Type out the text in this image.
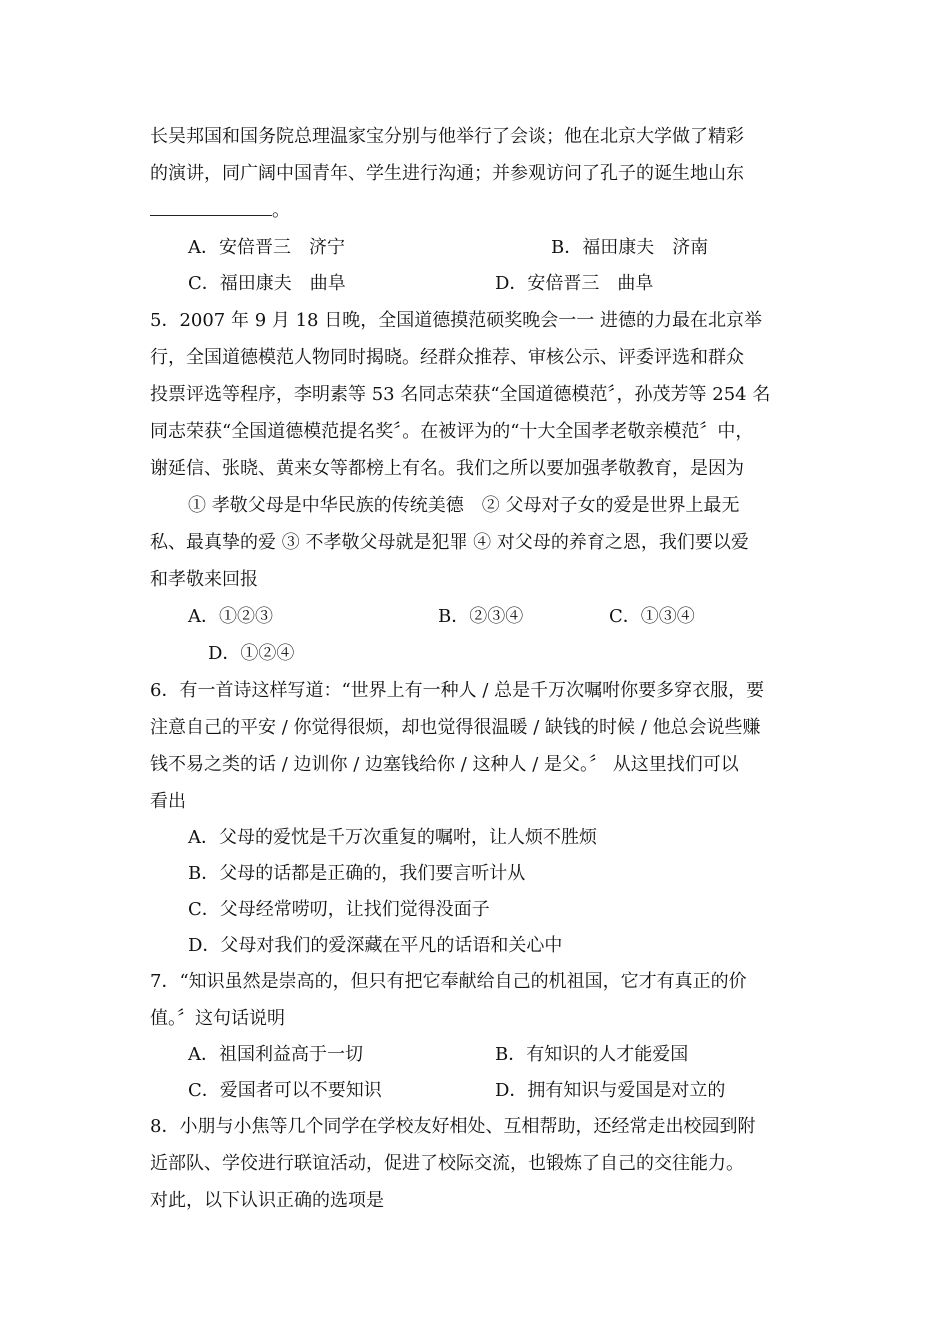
长吴邦国和国务院总理温家宝分别与他举行了会谈；他在北京大学做了精彩
的演讲，同广阔中国青年、学生进行沟通；并参观访问了孔子的诞生地山东
。
A．安倍晋三　济宁	B．福田康夫　济南
C．福田康夫　曲阜	D．安倍晋三　曲阜
5．2007 年 9 月 18 日晚，全国道德摸范硕奖晚会一一 进德的力最在北京举
行，全国道德模范人物同时揭晓。经群众推荐、审核公示、评委评选和群众
投票评选等程序，李明素等 53 名同志荣获“全国道德模范〞，孙茂芳等 254 名
同志荣获“全国道德模范提名奖〞。在被评为的“十大全国孝老敬亲模范〞中，
谢延信、张晓、黄来女等都榜上有名。我们之所以要加强孝敬教育，是因为
① 孝敬父母是中华民族的传统美德　② 父母对子女的爱是世界上最无
私、最真挚的爱 ③ 不孝敬父母就是犯罪 ④ 对父母的养育之恩，我们要以爱
和孝敬来回报
A．①②③	B．②③④	C．①③④
D．①②④
6．有一首诗这样写道：“世界上有一种人 / 总是千万次嘱咐你要多穿衣服，要
注意自己的平安 / 你觉得很烦，却也觉得很温暖 / 缺钱的时候 / 他总会说些赚
钱不易之类的话 / 边训你 / 边塞钱给你 / 这种人 / 是父。〞 从这里找们可以
看出
A．父母的爱忱是千万次重复的嘱咐，让人烦不胜烦
B．父母的话都是正确的，我们要言听计从
C．父母经常唠叨，让找们觉得没面子
D．父母对我们的爱深藏在平凡的话语和关心中
7．“知识虽然是崇高的，但只有把它奉献给自己的机祖国，它才有真正的价
值。〞这句话说明
A．祖国利益高于一切	B．有知识的人才能爱国
C．爱国者可以不要知识	D．拥有知识与爱国是对立的
8．小朋与小焦等几个同学在学校友好相处、互相帮助，还经常走出校园到附
近部队、学佼进行联谊活动，促进了校际交流，也锻炼了自己的交往能力。
对此，以下认识正确的选项是
